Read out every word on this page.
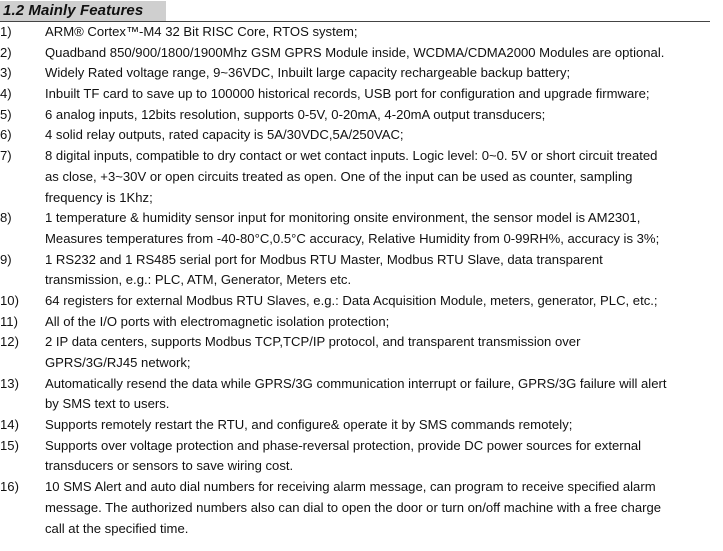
1.2 Mainly Features
1)	ARM® Cortex™-M4 32 Bit RISC Core, RTOS system;
2)	Quadband 850/900/1800/1900Mhz GSM GPRS Module inside, WCDMA/CDMA2000 Modules are optional.
3)	Widely Rated voltage range, 9~36VDC, Inbuilt large capacity rechargeable backup battery;
4)	Inbuilt TF card to save up to 100000 historical records, USB port for configuration and upgrade firmware;
5)	6 analog inputs, 12bits resolution, supports 0-5V, 0-20mA, 4-20mA output transducers;
6)	4 solid relay outputs, rated capacity is 5A/30VDC,5A/250VAC;
7)	8 digital inputs, compatible to dry contact or wet contact inputs. Logic level: 0~0. 5V or short circuit treated
as close, +3~30V or open circuits treated as open. One of the input can be used as counter, sampling
frequency is 1Khz;
8)	1 temperature & humidity sensor input for monitoring onsite environment, the sensor model is AM2301,
Measures temperatures from -40-80°C,0.5°C accuracy, Relative Humidity from 0-99RH%, accuracy is 3%;
9)	1 RS232 and 1 RS485 serial port for Modbus RTU Master, Modbus RTU Slave, data transparent
transmission, e.g.: PLC, ATM, Generator, Meters etc.
10)	64 registers for external Modbus RTU Slaves, e.g.: Data Acquisition Module, meters, generator, PLC, etc.;
11)	All of the I/O ports with electromagnetic isolation protection;
12)	2 IP data centers, supports Modbus TCP,TCP/IP protocol, and transparent transmission over
GPRS/3G/RJ45 network;
13)	Automatically resend the data while GPRS/3G communication interrupt or failure, GPRS/3G failure will alert
by SMS text to users.
14)	Supports remotely restart the RTU, and configure& operate it by SMS commands remotely;
15)	Supports over voltage protection and phase-reversal protection, provide DC power sources for external
transducers or sensors to save wiring cost.
16)	10 SMS Alert and auto dial numbers for receiving alarm message, can program to receive specified alarm
message. The authorized numbers also can dial to open the door or turn on/off machine with a free charge
call at the specified time.
